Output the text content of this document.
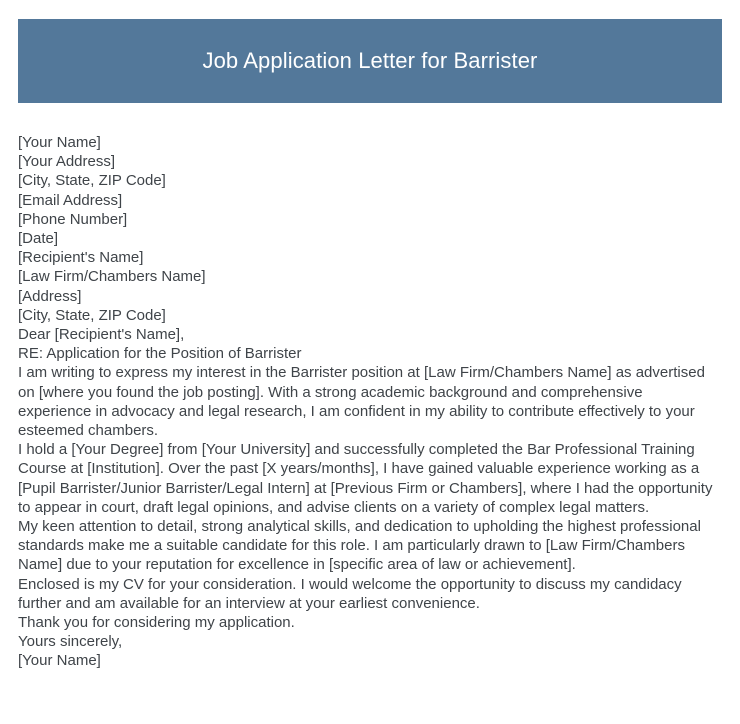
Job Application Letter for Barrister
[Your Name]
[Your Address]
[City, State, ZIP Code]
[Email Address]
[Phone Number]
[Date]
[Recipient's Name]
[Law Firm/Chambers Name]
[Address]
[City, State, ZIP Code]
Dear [Recipient's Name],
RE: Application for the Position of Barrister

I am writing to express my interest in the Barrister position at [Law Firm/Chambers Name] as advertised on [where you found the job posting]. With a strong academic background and comprehensive experience in advocacy and legal research, I am confident in my ability to contribute effectively to your esteemed chambers.

I hold a [Your Degree] from [Your University] and successfully completed the Bar Professional Training Course at [Institution]. Over the past [X years/months], I have gained valuable experience working as a [Pupil Barrister/Junior Barrister/Legal Intern] at [Previous Firm or Chambers], where I had the opportunity to appear in court, draft legal opinions, and advise clients on a variety of complex legal matters.

My keen attention to detail, strong analytical skills, and dedication to upholding the highest professional standards make me a suitable candidate for this role. I am particularly drawn to [Law Firm/Chambers Name] due to your reputation for excellence in [specific area of law or achievement].

Enclosed is my CV for your consideration. I would welcome the opportunity to discuss my candidacy further and am available for an interview at your earliest convenience.

Thank you for considering my application.

Yours sincerely,
[Your Name]
